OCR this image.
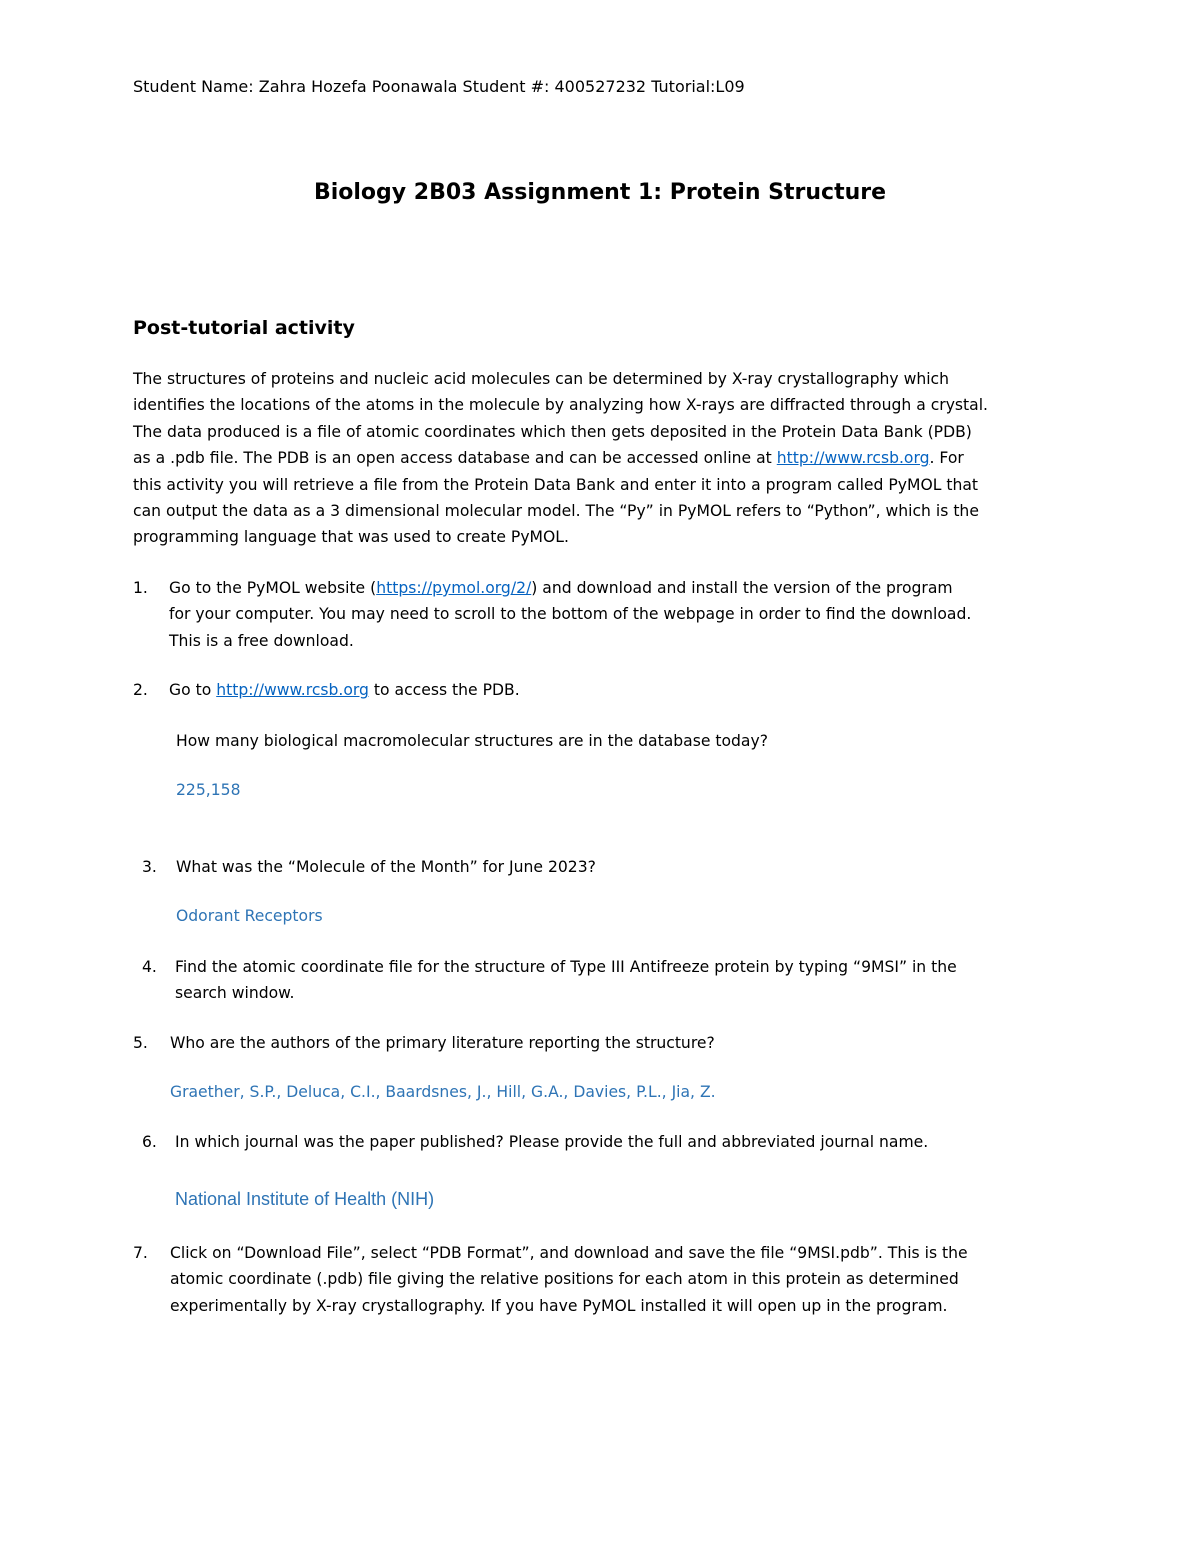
Student Name: Zahra Hozefa Poonawala Student #: 400527232 Tutorial:L09
Biology 2B03 Assignment 1: Protein Structure
Post-tutorial activity
The structures of proteins and nucleic acid molecules can be determined by X-ray crystallography which
identifies the locations of the atoms in the molecule by analyzing how X-rays are diffracted through a crystal.
The data produced is a file of atomic coordinates which then gets deposited in the Protein Data Bank (PDB)
as a .pdb file. The PDB is an open access database and can be accessed online at http://www.rcsb.org. For
this activity you will retrieve a file from the Protein Data Bank and enter it into a program called PyMOL that
can output the data as a 3 dimensional molecular model. The “Py” in PyMOL refers to “Python”, which is the
programming language that was used to create PyMOL.
1. Go to the PyMOL website (https://pymol.org/2/) and download and install the version of the program
for your computer. You may need to scroll to the bottom of the webpage in order to find the download.
This is a free download.
2. Go to http://www.rcsb.org to access the PDB.
How many biological macromolecular structures are in the database today?
225,158
3. What was the “Molecule of the Month” for June 2023?
Odorant Receptors
4. Find the atomic coordinate file for the structure of Type III Antifreeze protein by typing “9MSI” in the
search window.
5. Who are the authors of the primary literature reporting the structure?
Graether, S.P., Deluca, C.I., Baardsnes, J., Hill, G.A., Davies, P.L., Jia, Z.
6. In which journal was the paper published? Please provide the full and abbreviated journal name.
National Institute of Health (NIH)
7. Click on “Download File”, select “PDB Format”, and download and save the file “9MSI.pdb”. This is the
atomic coordinate (.pdb) file giving the relative positions for each atom in this protein as determined
experimentally by X-ray crystallography. If you have PyMOL installed it will open up in the program.
